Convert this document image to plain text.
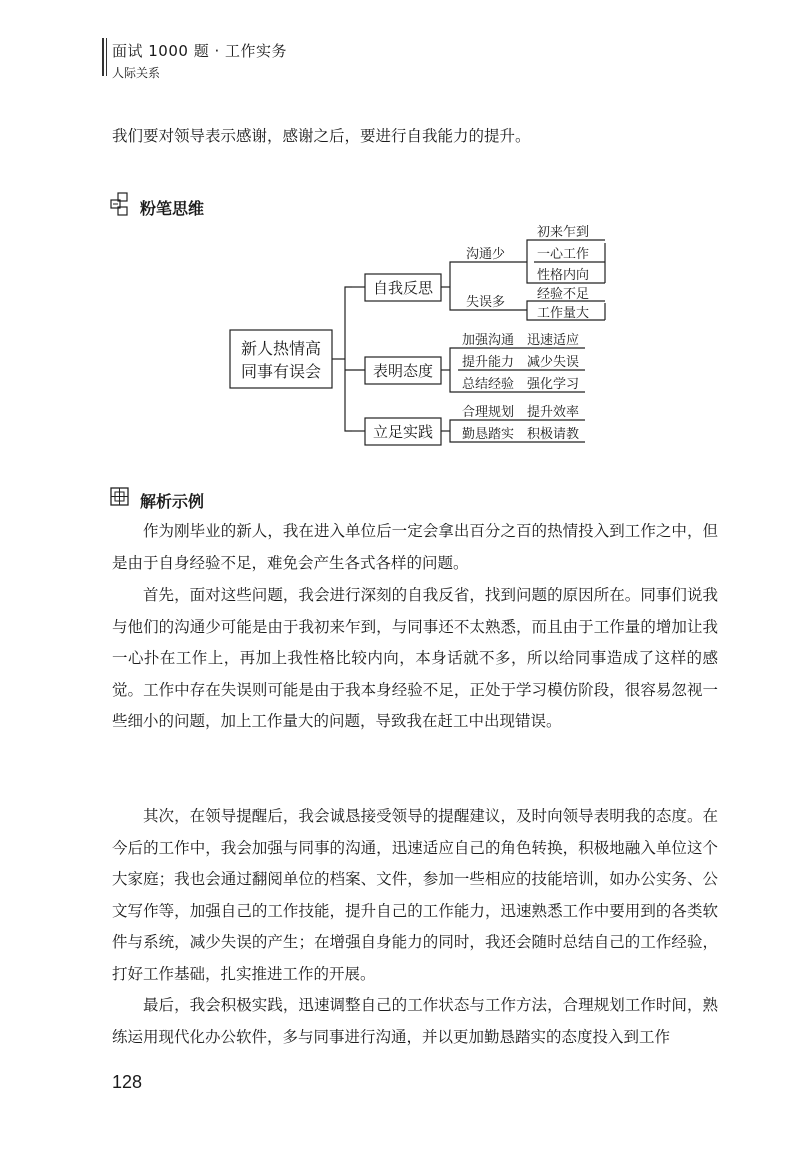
面试 1000 题 · 工作实务
人际关系
我们要对领导表示感谢，感谢之后，要进行自我能力的提升。
粉笔思维
新人热情高
同事有误会
自我反思
表明态度
立足实践
沟通少
失误多
初来乍到
一心工作
性格内向
经验不足
工作量大
加强沟通 迅速适应
提升能力 减少失误
总结经验 强化学习
合理规划 提升效率
勤恳踏实 积极请教
解析示例
作为刚毕业的新人，我在进入单位后一定会拿出百分之百的热情投入到工作之中，但是由于自身经验不足，难免会产生各式各样的问题。
首先，面对这些问题，我会进行深刻的自我反省，找到问题的原因所在。同事们说我与他们的沟通少可能是由于我初来乍到，与同事还不太熟悉，而且由于工作量的增加让我一心扑在工作上，再加上我性格比较内向，本身话就不多，所以给同事造成了这样的感觉。工作中存在失误则可能是由于我本身经验不足，正处于学习模仿阶段，很容易忽视一些细小的问题，加上工作量大的问题，导致我在赶工中出现错误。
其次，在领导提醒后，我会诚恳接受领导的提醒建议，及时向领导表明我的态度。在今后的工作中，我会加强与同事的沟通，迅速适应自己的角色转换，积极地融入单位这个大家庭；我也会通过翻阅单位的档案、文件，参加一些相应的技能培训，如办公实务、公文写作等，加强自己的工作技能，提升自己的工作能力，迅速熟悉工作中要用到的各类软件与系统，减少失误的产生；在增强自身能力的同时，我还会随时总结自己的工作经验，打好工作基础，扎实推进工作的开展。
最后，我会积极实践，迅速调整自己的工作状态与工作方法，合理规划工作时间，熟练运用现代化办公软件，多与同事进行沟通，并以更加勤恳踏实的态度投入到工作
128
